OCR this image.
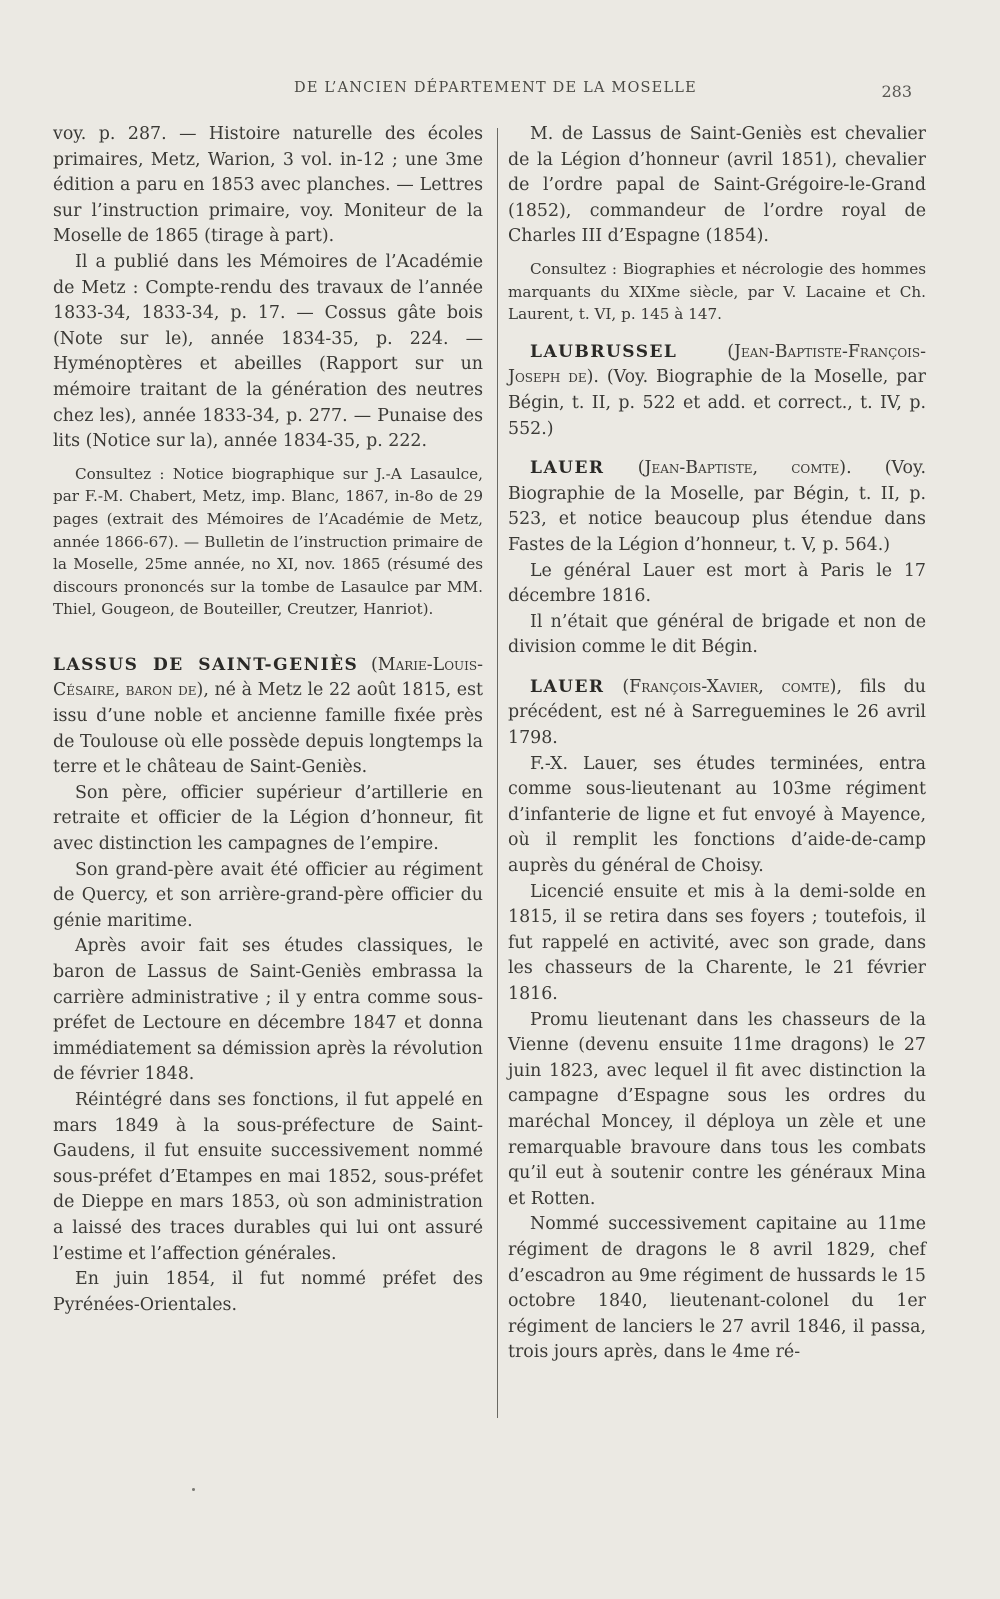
DE L’ANCIEN DÉPARTEMENT DE LA MOSELLE	283

voy. p. 287. — Histoire naturelle des écoles primaires, Metz, Warion, 3 vol. in-12 ; une 3me édition a paru en 1853 avec planches. — Lettres sur l’instruction primaire, voy. Moniteur de la Moselle de 1865 (tirage à part).

Il a publié dans les Mémoires de l’Académie de Metz : Compte-rendu des travaux de l’année 1833-34, 1833-34, p. 17. — Cossus gâte bois (Note sur le), année 1834-35, p. 224. — Hyménoptères et abeilles (Rapport sur un mémoire traitant de la génération des neutres chez les), année 1833-34, p. 277. — Punaise des lits (Notice sur la), année 1834-35, p. 222.

Consultez : Notice biographique sur J.-A Lasaulce, par F.-M. Chabert, Metz, imp. Blanc, 1867, in-8o de 29 pages (extrait des Mémoires de l’Académie de Metz, année 1866-67). — Bulletin de l’instruction primaire de la Moselle, 25me année, no XI, nov. 1865 (résumé des discours prononcés sur la tombe de Lasaulce par MM. Thiel, Gougeon, de Bouteiller, Creutzer, Hanriot).

LASSUS DE SAINT-GENIÈS (Marie-Louis-Césaire, baron de), né à Metz le 22 août 1815, est issu d’une noble et ancienne famille fixée près de Toulouse où elle possède depuis longtemps la terre et le château de Saint-Geniès.

Son père, officier supérieur d’artillerie en retraite et officier de la Légion d’honneur, fit avec distinction les campagnes de l’empire.

Son grand-père avait été officier au régiment de Quercy, et son arrière-grand-père officier du génie maritime.

Après avoir fait ses études classiques, le baron de Lassus de Saint-Geniès embrassa la carrière administrative ; il y entra comme sous-préfet de Lectoure en décembre 1847 et donna immédiatement sa démission après la révolution de février 1848.

Réintégré dans ses fonctions, il fut appelé en mars 1849 à la sous-préfecture de Saint-Gaudens, il fut ensuite successivement nommé sous-préfet d’Etampes en mai 1852, sous-préfet de Dieppe en mars 1853, où son administration a laissé des traces durables qui lui ont assuré l’estime et l’affection générales.

En juin 1854, il fut nommé préfet des Pyrénées-Orientales.

M. de Lassus de Saint-Geniès est chevalier de la Légion d’honneur (avril 1851), chevalier de l’ordre papal de Saint-Grégoire-le-Grand (1852), commandeur de l’ordre royal de Charles III d’Espagne (1854).

Consultez : Biographies et nécrologie des hommes marquants du XIXme siècle, par V. Lacaine et Ch. Laurent, t. VI, p. 145 à 147.

LAUBRUSSEL	(Jean-Baptiste-François-Joseph de). (Voy. Biographie de la Moselle, par Bégin, t. II, p. 522 et add. et correct., t. IV, p. 552.)

LAUER (Jean-Baptiste, comte). (Voy. Biographie de la Moselle, par Bégin, t. II, p. 523, et notice beaucoup plus étendue dans Fastes de la Légion d’honneur, t. V, p. 564.)

Le général Lauer est mort à Paris le 17 décembre 1816.

Il n’était que général de brigade et non de division comme le dit Bégin.

LAUER (François-Xavier, comte), fils du précédent, est né à Sarreguemines le 26 avril 1798.

F.-X. Lauer, ses études terminées, entra comme sous-lieutenant au 103me régiment d’infanterie de ligne et fut envoyé à Mayence, où il remplit les fonctions d’aide-de-camp auprès du général de Choisy.

Licencié ensuite et mis à la demi-solde en 1815, il se retira dans ses foyers ; toutefois, il fut rappelé en activité, avec son grade, dans les chasseurs de la Charente, le 21 février 1816.

Promu lieutenant dans les chasseurs de la Vienne (devenu ensuite 11me dragons) le 27 juin 1823, avec lequel il fit avec distinction la campagne d’Espagne sous les ordres du maréchal Moncey, il déploya un zèle et une remarquable bravoure dans tous les combats qu’il eut à soutenir contre les généraux Mina et Rotten.

Nommé successivement capitaine au 11me régiment de dragons le 8 avril 1829, chef d’escadron au 9me régiment de hussards le 15 octobre 1840, lieutenant-colonel du 1er régiment de lanciers le 27 avril 1846, il passa, trois jours après, dans le 4me ré-
